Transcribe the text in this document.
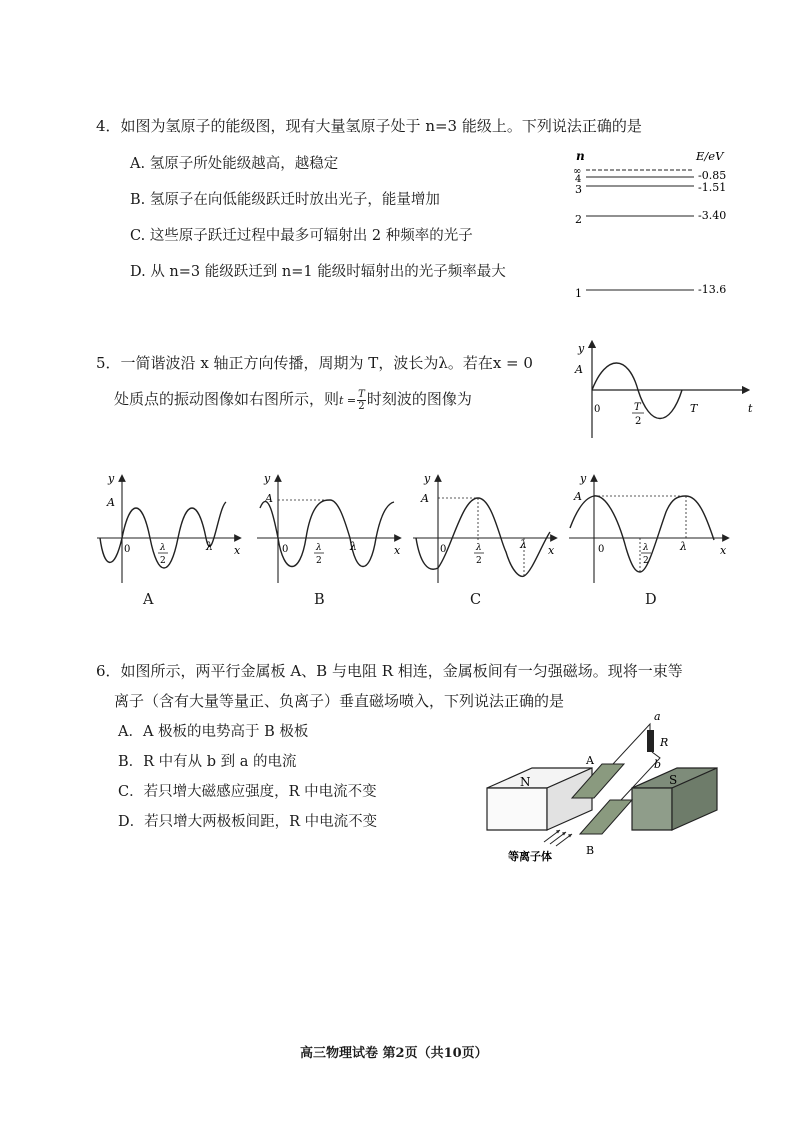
4．如图为氢原子的能级图，现有大量氢原子处于 n=3 能级上。下列说法正确的是
A. 氢原子所处能级越高，越稳定
B. 氢原子在向低能级跃迁时放出光子，能量增加
C. 这些原子跃迁过程中最多可辐射出 2 种频率的光子
D. 从 n=3 能级跃迁到 n=1 能级时辐射出的光子频率最大
n	E/eV
∞
4	-0.85
3	-1.51
2	-3.40
1	-13.6
5．一简谐波沿 x 轴正方向传播，周期为 T，波长为λ。若在x = 0
处质点的振动图像如右图所示，则$t = \frac{T}{2}$ 时刻波的图像为
y
A
0	T
2
T	t
y
A
0	λ
2
λ x
y
A
0	λ
2
λ	x
y
A
0	λ
2
λ x
y
A
0	λ
2
λ	x
A	B	C	D
6．如图所示，两平行金属板 A、B 与电阻 R 相连，金属板间有一匀强磁场。现将一束等
离子（含有大量等量正、负离子）垂直磁场喷入，下列说法正确的是
A．A 极板的电势高于 B 极板
B．R 中有从 b 到 a 的电流
C．若只增大磁感应强度，R 中电流不变
D．若只增大两极板间距，R 中电流不变
N	S
A
B
R
a
b
等离子体
高三物理试卷 第2页（共10页）
